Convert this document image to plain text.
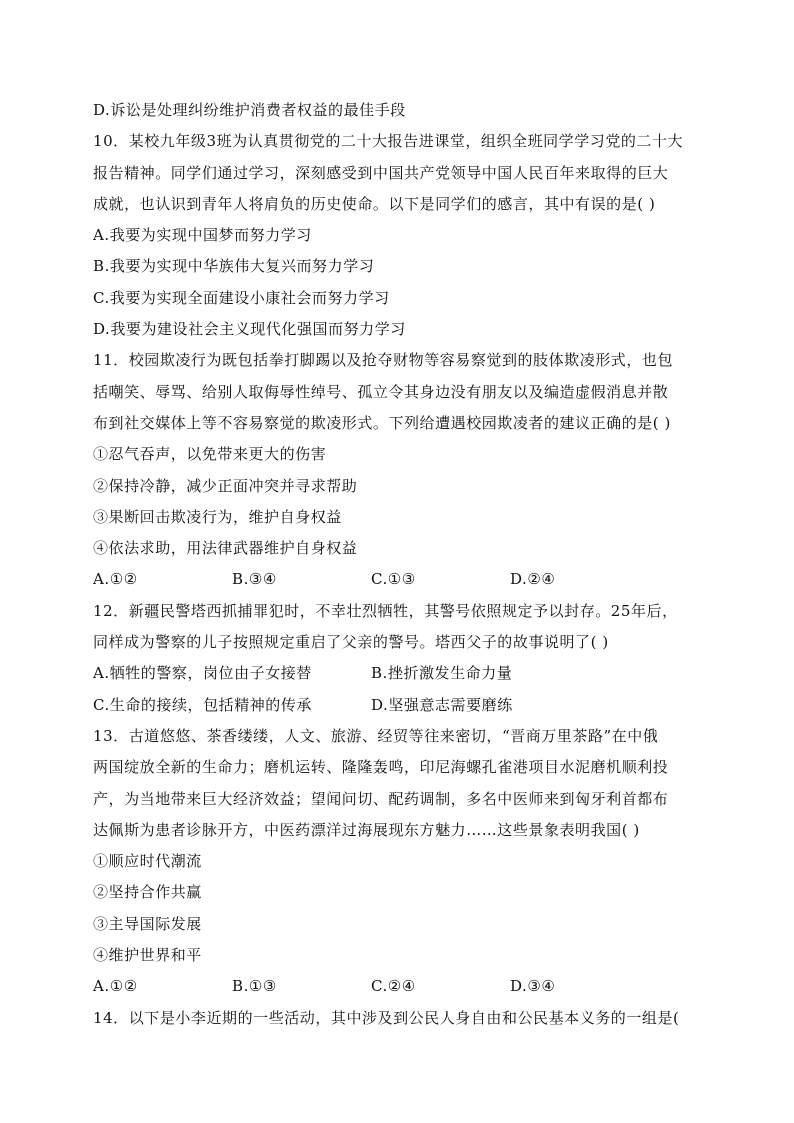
D.诉讼是处理纠纷维护消费者权益的最佳手段
10．某校九年级3班为认真贯彻党的二十大报告进课堂，组织全班同学学习党的二十大
报告精神。同学们通过学习，深刻感受到中国共产党领导中国人民百年来取得的巨大
成就，也认识到青年人将肩负的历史使命。以下是同学们的感言，其中有误的是( )
A.我要为实现中国梦而努力学习
B.我要为实现中华族伟大复兴而努力学习
C.我要为实现全面建设小康社会而努力学习
D.我要为建设社会主义现代化强国而努力学习
11．校园欺凌行为既包括拳打脚踢以及抢夺财物等容易察觉到的肢体欺凌形式，也包
括嘲笑、辱骂、给别人取侮辱性绰号、孤立令其身边没有朋友以及编造虚假消息并散
布到社交媒体上等不容易察觉的欺凌形式。下列给遭遇校园欺凌者的建议正确的是( )
①忍气吞声，以免带来更大的伤害
②保持冷静，减少正面冲突并寻求帮助
③果断回击欺凌行为，维护自身权益
④依法求助，用法律武器维护自身权益
A.①②	B.③④	C.①③	D.②④
12．新疆民警塔西抓捕罪犯时，不幸壮烈牺牲，其警号依照规定予以封存。25年后，
同样成为警察的儿子按照规定重启了父亲的警号。塔西父子的故事说明了( )
A.牺牲的警察，岗位由子女接替	B.挫折激发生命力量
C.生命的接续，包括精神的传承	D.坚强意志需要磨练
13．古道悠悠、茶香缕缕，人文、旅游、经贸等往来密切，“晋商万里茶路”在中俄
两国绽放全新的生命力；磨机运转、隆隆轰鸣，印尼海螺孔雀港项目水泥磨机顺利投
产，为当地带来巨大经济效益；望闻问切、配药调制，多名中医师来到匈牙利首都布
达佩斯为患者诊脉开方，中医药漂洋过海展现东方魅力……这些景象表明我国( )
①顺应时代潮流
②坚持合作共赢
③主导国际发展
④维护世界和平
A.①②	B.①③	C.②④	D.③④
14．以下是小李近期的一些活动，其中涉及到公民人身自由和公民基本义务的一组是(
